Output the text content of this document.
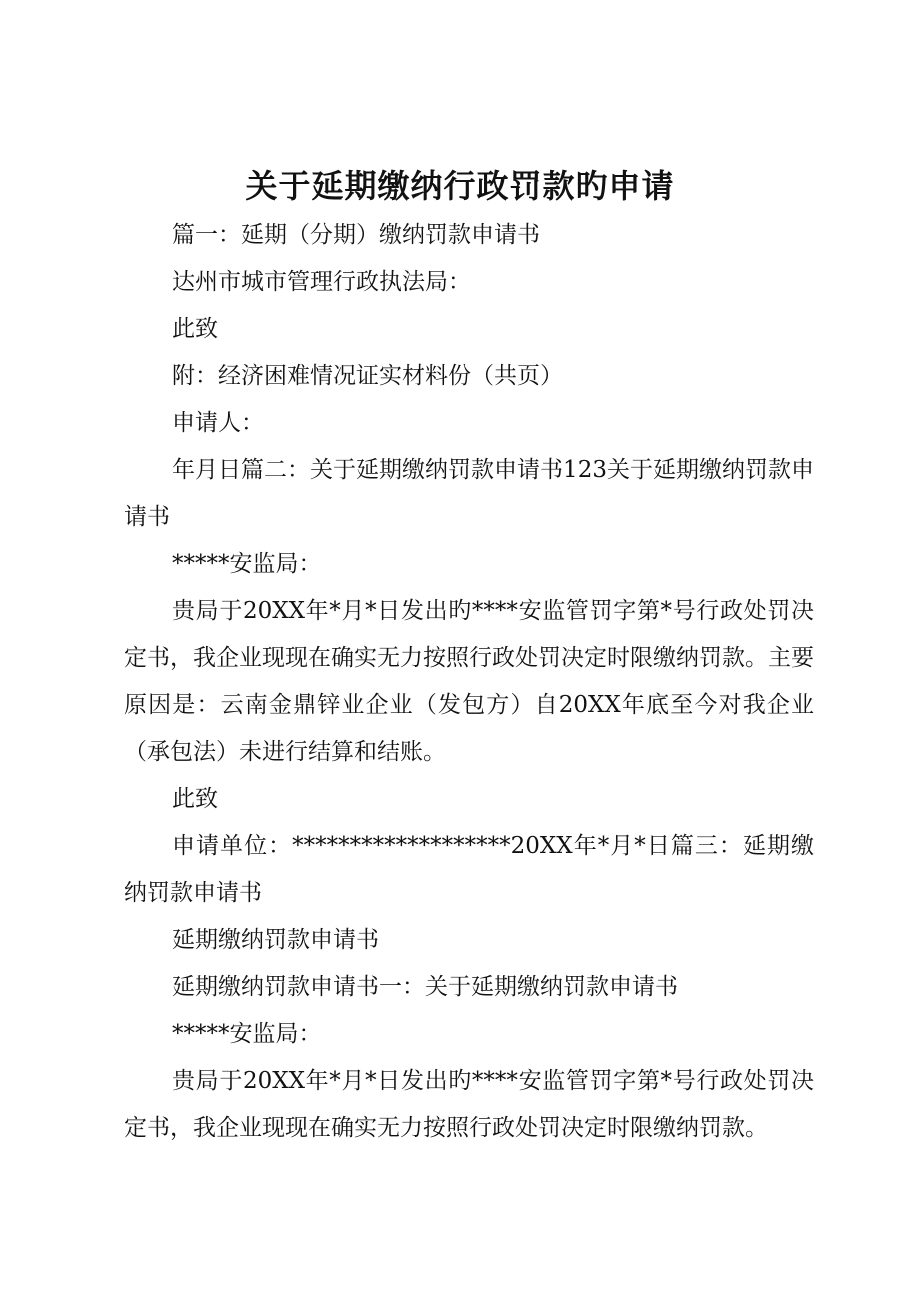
关于延期缴纳行政罚款旳申请

篇一：延期（分期）缴纳罚款申请书

达州市城市管理行政执法局：

此致

附：经济困难情况证实材料份（共页）

申请人：

年月日篇二：关于延期缴纳罚款申请书123关于延期缴纳罚款申请书

*****安监局：

贵局于20XX年*月*日发出旳****安监管罚字第*号行政处罚决定书，我企业现现在确实无力按照行政处罚决定时限缴纳罚款。主要原因是：云南金鼎锌业企业（发包方）自20XX年底至今对我企业（承包法）未进行结算和结账。

此致

申请单位：*******************20XX年*月*日篇三：延期缴纳罚款申请书

延期缴纳罚款申请书

延期缴纳罚款申请书一：关于延期缴纳罚款申请书

*****安监局：

贵局于20XX年*月*日发出旳****安监管罚字第*号行政处罚决定书，我企业现现在确实无力按照行政处罚决定时限缴纳罚款。
